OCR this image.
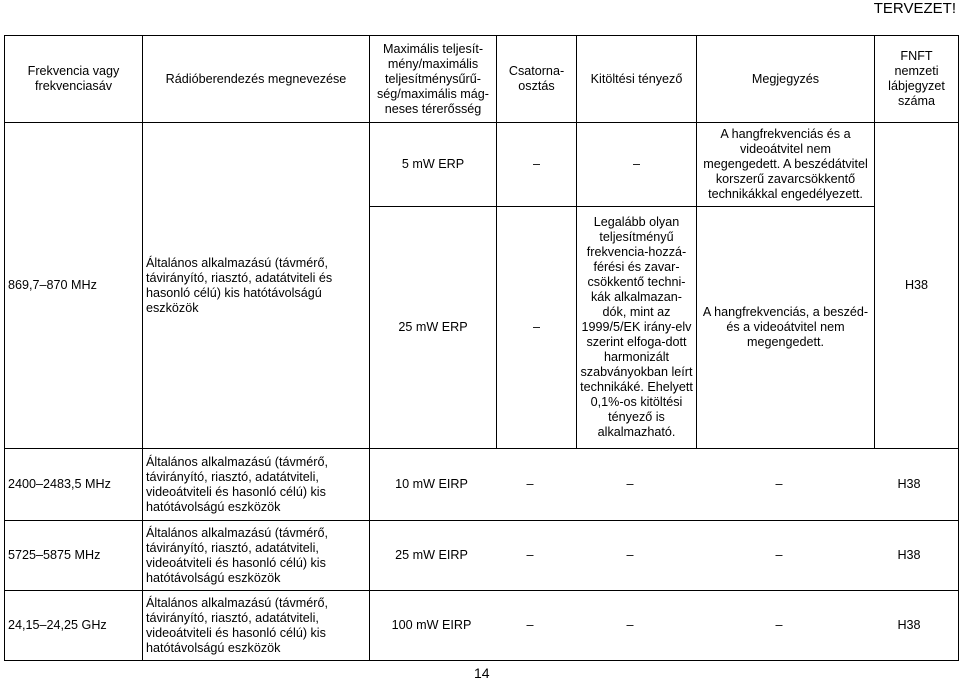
TERVEZET!
Frekvencia vagy frekvenciasáv	Rádióberendezés megnevezése	Maximális teljesít-mény/maximális teljesítménysűrű-ség/maximális mág-neses térerősség	Csatorna-osztás	Kitöltési tényező	Megjegyzés	FNFT nemzeti lábjegyzet száma
869,7–870 MHz	Általános alkalmazású (távmérő, távirányító, riasztó, adatátviteli és hasonló célú) kis hatótávolságú eszközök	5 mW ERP	–	–	A hangfrekvenciás és a videoátvitel nem megengedett. A beszédátvitel korszerű zavarcsökkentő technikákkal engedélyezett.	H38
		25 mW ERP	–	Legalább olyan teljesítményű frekvencia-hozzá-férési és zavar-csökkentő techni-kák alkalmazan-dók, mint az 1999/5/EK irány-elv szerint elfoga-dott harmonizált szabványokban leírt technikáké. Ehelyett 0,1%-os kitöltési tényező is alkalmazható.	A hangfrekvenciás, a beszéd-és a videoátvitel nem megengedett.	
2400–2483,5 MHz	Általános alkalmazású (távmérő, távirányító, riasztó, adatátviteli, videoátviteli és hasonló célú) kis hatótávolságú eszközök	10 mW EIRP – – – H38				
5725–5875 MHz	Általános alkalmazású (távmérő, távirányító, riasztó, adatátviteli, videoátviteli és hasonló célú) kis hatótávolságú eszközök	25 mW EIRP – – – H38				
24,15–24,25 GHz	Általános alkalmazású (távmérő, távirányító, riasztó, adatátviteli, videoátviteli és hasonló célú) kis hatótávolságú eszközök	100 mW EIRP – – – H38				
14
